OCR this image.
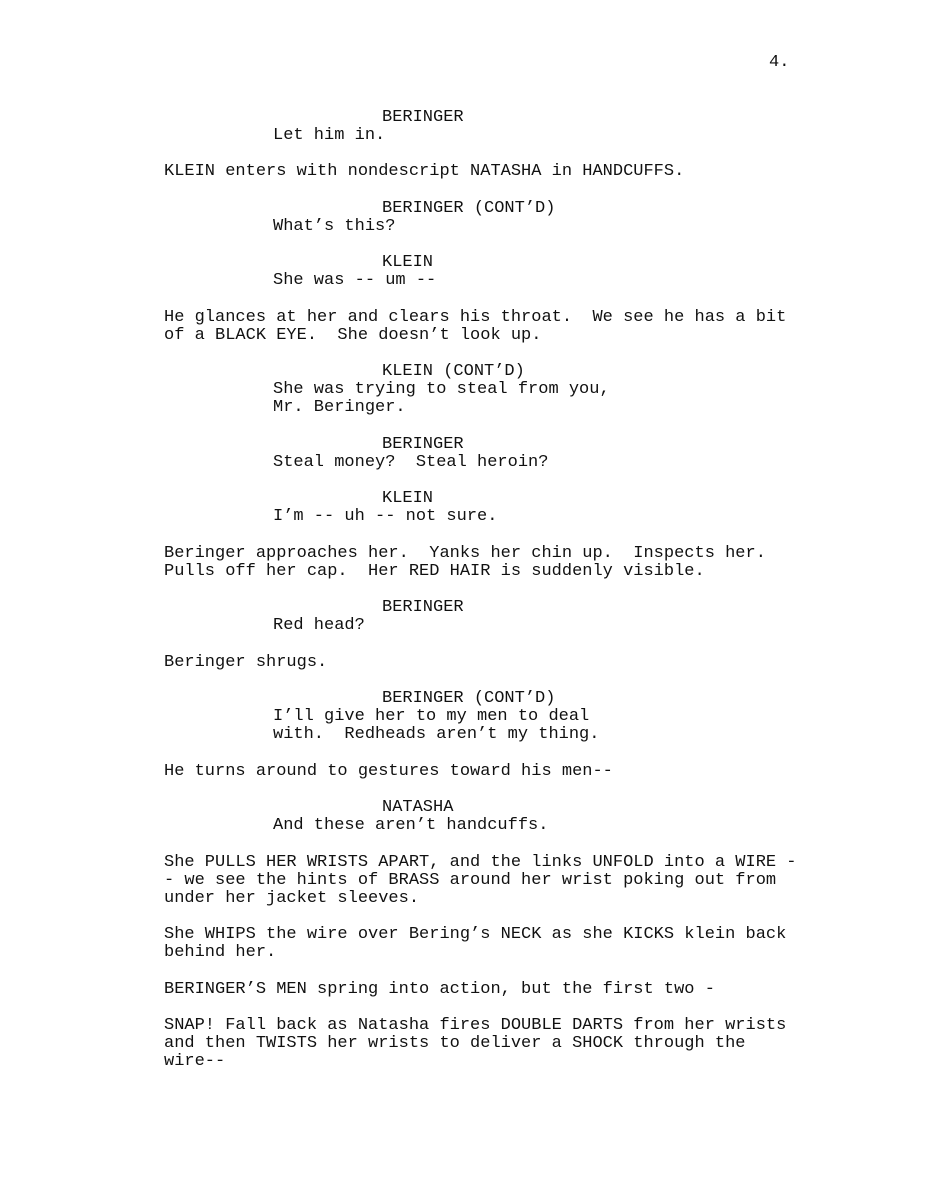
4.
BERINGER
Let him in.
KLEIN enters with nondescript NATASHA in HANDCUFFS.
BERINGER (CONT’D)
What’s this?
KLEIN
She was -- um --
He glances at her and clears his throat.  We see he has a bit
of a BLACK EYE.  She doesn’t look up.
KLEIN (CONT’D)
She was trying to steal from you,
Mr. Beringer.
BERINGER
Steal money?  Steal heroin?
KLEIN
I’m -- uh -- not sure.
Beringer approaches her.  Yanks her chin up.  Inspects her.
Pulls off her cap.  Her RED HAIR is suddenly visible.
BERINGER
Red head?
Beringer shrugs.
BERINGER (CONT’D)
I’ll give her to my men to deal
with.  Redheads aren’t my thing.
He turns around to gestures toward his men--
NATASHA
And these aren’t handcuffs.
She PULLS HER WRISTS APART, and the links UNFOLD into a WIRE -
- we see the hints of BRASS around her wrist poking out from
under her jacket sleeves.
She WHIPS the wire over Bering’s NECK as she KICKS klein back
behind her.
BERINGER’S MEN spring into action, but the first two -
SNAP! Fall back as Natasha fires DOUBLE DARTS from her wrists
and then TWISTS her wrists to deliver a SHOCK through the
wire--
